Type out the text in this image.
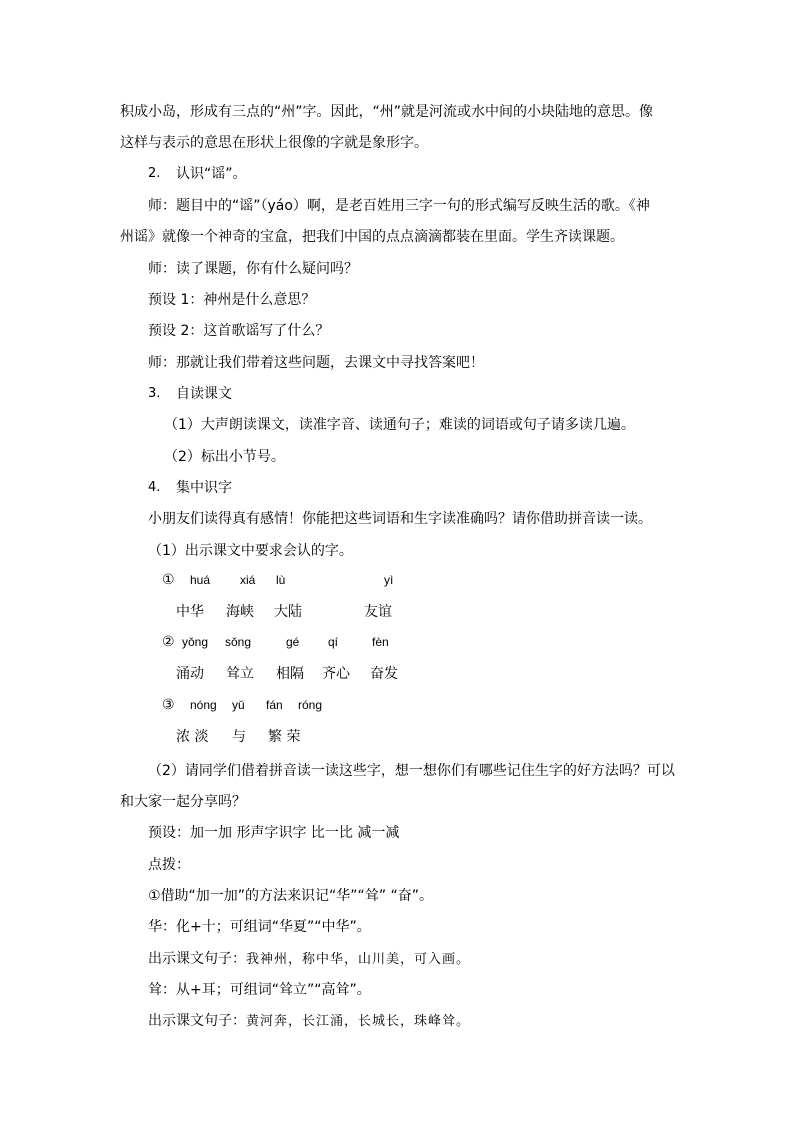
积成小岛，形成有三点的“州”字。因此，“州”就是河流或水中间的小块陆地的意思。像
这样与表示的意思在形状上很像的字就是象形字。
2. 认识“谣”。
师：题目中的“谣”（yáo）啊，是老百姓用三字一句的形式编写反映生活的歌。《神
州谣》就像一个神奇的宝盒，把我们中国的点点滴滴都装在里面。学生齐读课题。
师：读了课题，你有什么疑问吗？
预设 1：神州是什么意思？
预设 2：这首歌谣写了什么？
师：那就让我们带着这些问题，去课文中寻找答案吧！
3. 自读课文
（1）大声朗读课文，读准字音、读通句子；难读的词语或句子请多读几遍。
（2）标出小节号。
4. 集中识字
小朋友们读得真有感情！你能把这些词语和生字读准确吗？请你借助拼音读一读。
（1）出示课文中要求会认的字。
① huá xiá lù	yì
中华 海峡 大陆	友谊
② yǒng sǒng	gé qí	fèn
涌动 耸立 相隔 齐心 奋发
③ nóng yǔ fán róng
浓 淡 与 繁 荣
（2）请同学们借着拼音读一读这些字，想一想你们有哪些记住生字的好方法吗？可以
和大家一起分享吗？
预设：加一加 形声字识字 比一比 减一减
点拨：
①借助“加一加”的方法来识记“华”“耸” “奋”。
华：化+十；可组词“华夏”“中华”。
出示课文句子：我神州，称中华，山川美，可入画。
耸：从+耳；可组词“耸立”“高耸”。
出示课文句子：黄河奔，长江涌，长城长，珠峰耸。
